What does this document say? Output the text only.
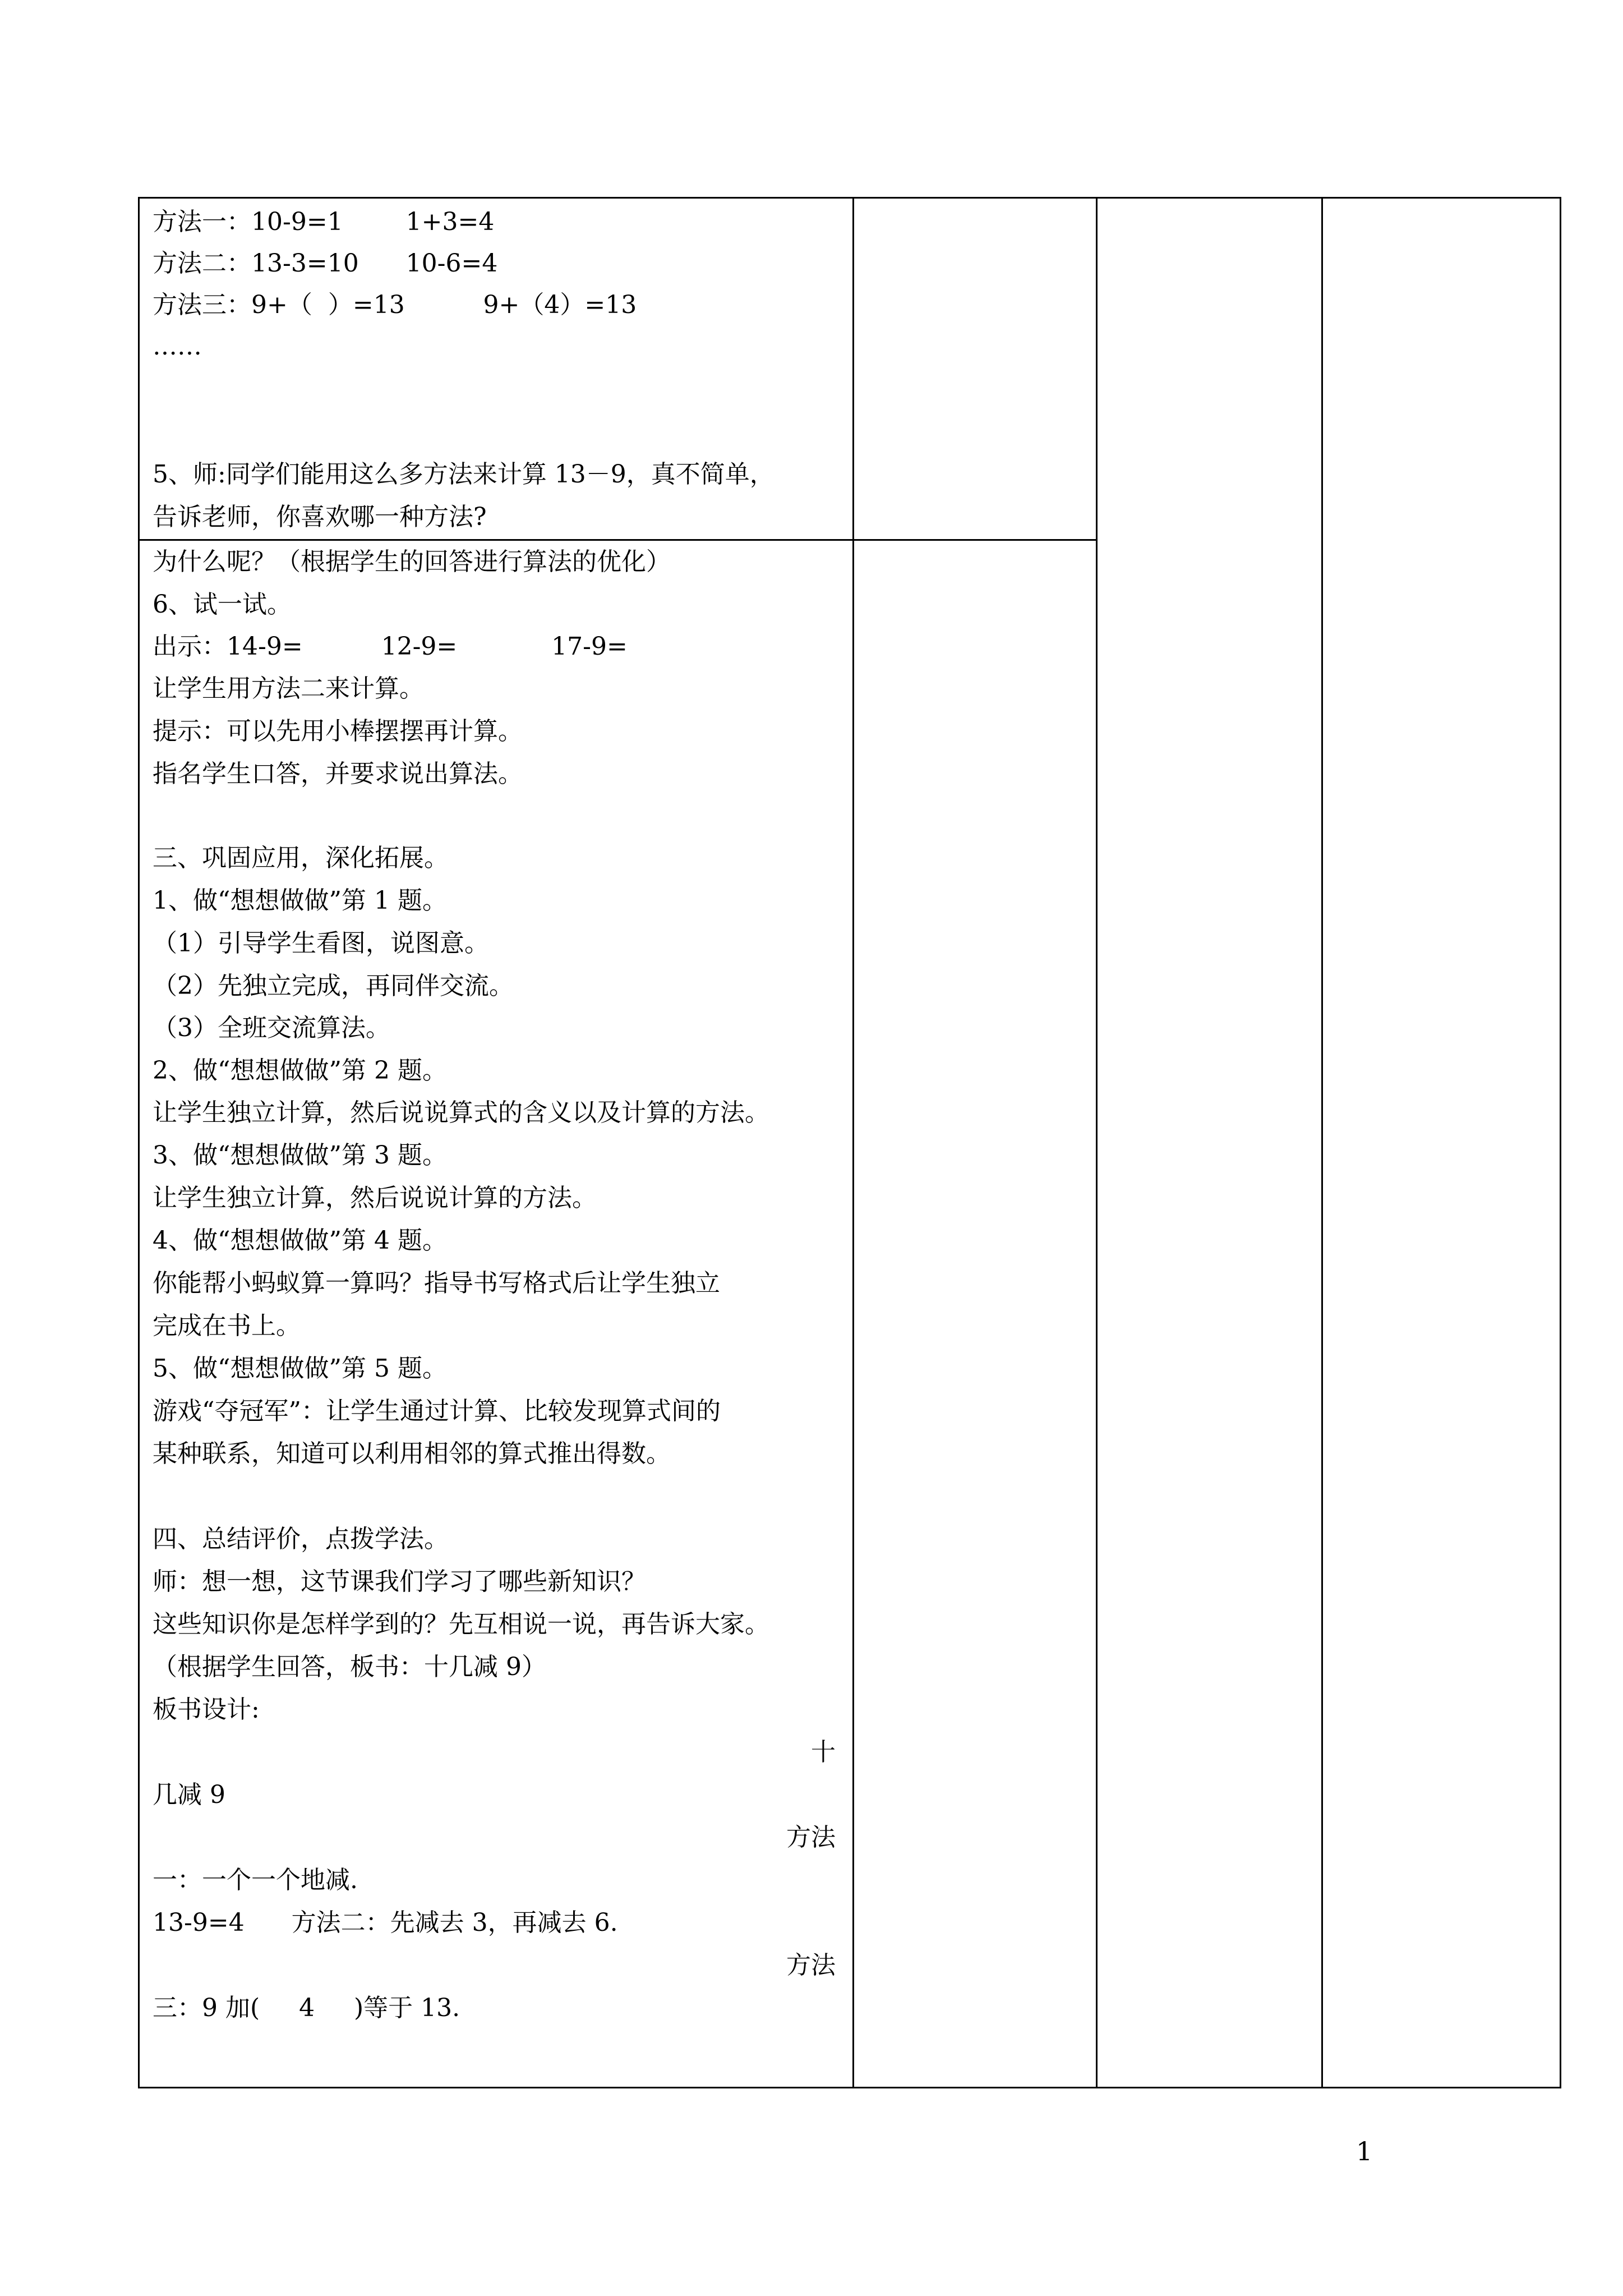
方法一：10-9=1        1+3=4
方法二：13-3=10      10-6=4
方法三：9+（  ）=13          9+（4）=13
……
5、师:同学们能用这么多方法来计算 13－9，真不简单，
告诉老师，你喜欢哪一种方法?
为什么呢？（根据学生的回答进行算法的优化）
6、试一试。
出示：14-9=          12-9=            17-9=
让学生用方法二来计算。
提示：可以先用小棒摆摆再计算。
指名学生口答，并要求说出算法。
三、巩固应用，深化拓展。
1、做“想想做做”第 1 题。
（1）引导学生看图，说图意。
（2）先独立完成，再同伴交流。
（3）全班交流算法。
2、做“想想做做”第 2 题。
让学生独立计算，然后说说算式的含义以及计算的方法。
3、做“想想做做”第 3 题。
让学生独立计算，然后说说计算的方法。
4、做“想想做做”第 4 题。
你能帮小蚂蚁算一算吗？指导书写格式后让学生独立
完成在书上。
5、做“想想做做”第 5 题。
游戏“夺冠军”：让学生通过计算、比较发现算式间的
某种联系，知道可以利用相邻的算式推出得数。
四、总结评价，点拨学法。
师：想一想，这节课我们学习了哪些新知识？
这些知识你是怎样学到的？先互相说一说，再告诉大家。
（根据学生回答，板书：十几减 9）
板书设计:
十
几减 9
方法
一：一个一个地减.
13-9=4      方法二：先减去 3，再减去 6.
方法
三：9 加(     4     )等于 13.
1
